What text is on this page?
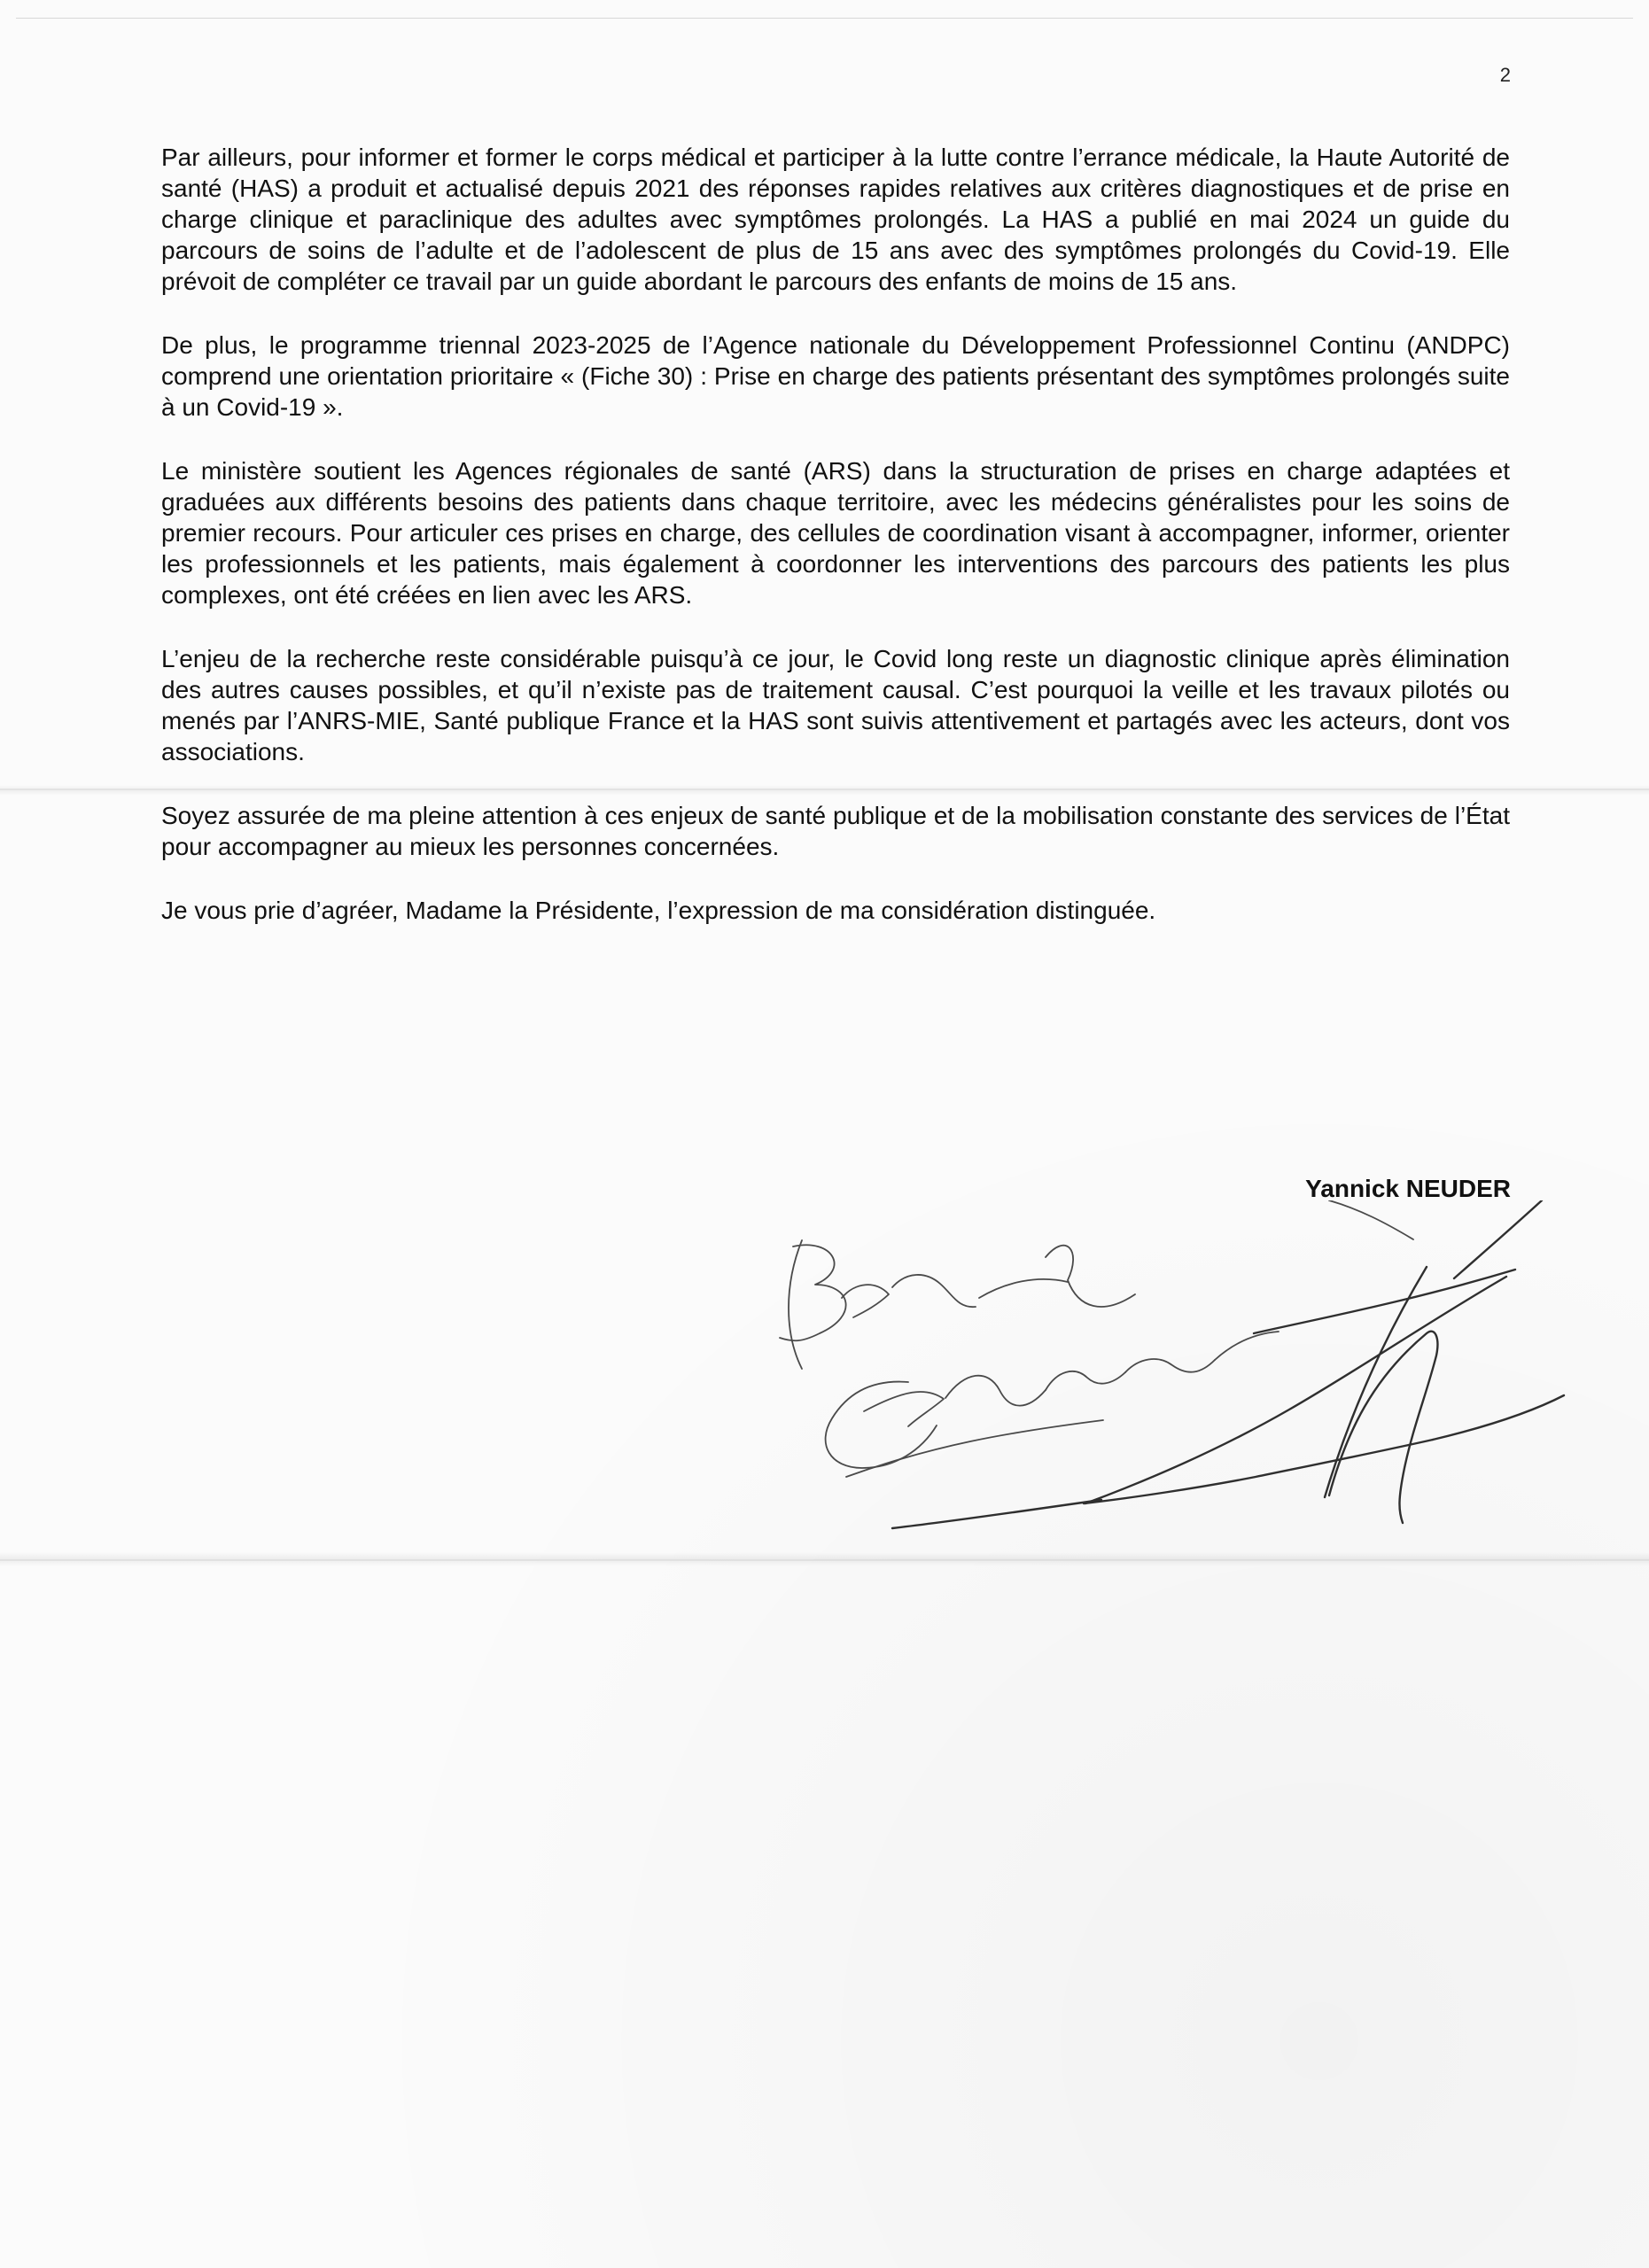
2

Par ailleurs, pour informer et former le corps médical et participer à la lutte contre l’errance médicale, la Haute Autorité de santé (HAS) a produit et actualisé depuis 2021 des réponses rapides relatives aux critères diagnostiques et de prise en charge clinique et paraclinique des adultes avec symptômes prolongés. La HAS a publié en mai 2024 un guide du parcours de soins de l’adulte et de l’adolescent de plus de 15 ans avec des symptômes prolongés du Covid-19. Elle prévoit de compléter ce travail par un guide abordant le parcours des enfants de moins de 15 ans.

De plus, le programme triennal 2023-2025 de l’Agence nationale du Développement Professionnel Continu (ANDPC) comprend une orientation prioritaire « (Fiche 30) : Prise en charge des patients présentant des symptômes prolongés suite à un Covid-19 ».

Le ministère soutient les Agences régionales de santé (ARS) dans la structuration de prises en charge adaptées et graduées aux différents besoins des patients dans chaque territoire, avec les médecins généralistes pour les soins de premier recours. Pour articuler ces prises en charge, des cellules de coordination visant à accompagner, informer, orienter les professionnels et les patients, mais également à coordonner les interventions des parcours des patients les plus complexes, ont été créées en lien avec les ARS.

L’enjeu de la recherche reste considérable puisqu’à ce jour, le Covid long reste un diagnostic clinique après élimination des autres causes possibles, et qu’il n’existe pas de traitement causal. C’est pourquoi la veille et les travaux pilotés ou menés par l’ANRS-MIE, Santé publique France et la HAS sont suivis attentivement et partagés avec les acteurs, dont vos associations.

Soyez assurée de ma pleine attention à ces enjeux de santé publique et de la mobilisation constante des services de l’État pour accompagner au mieux les personnes concernées.

Je vous prie d’agréer, Madame la Présidente, l’expression de ma considération distinguée.

Yannick NEUDER
